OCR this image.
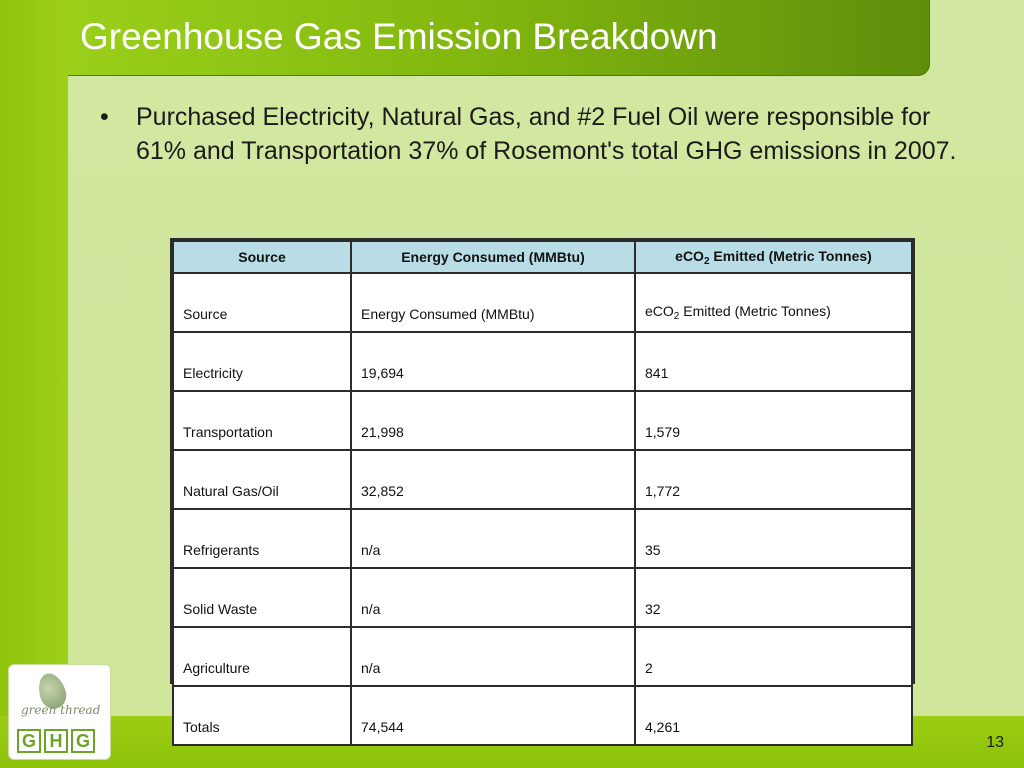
Greenhouse Gas Emission Breakdown
• Purchased Electricity, Natural Gas, and #2 Fuel Oil were responsible for 61% and Transportation 37% of Rosemont's total GHG emissions in 2007.
Source	Energy Consumed (MMBtu)	eCO$_2$ Emitted (Metric Tonnes)
Source	Energy Consumed (MMBtu)	eCO$_2$ Emitted (Metric Tonnes)
Electricity	19,694	841
Transportation	21,998	1,579
Natural Gas/Oil	32,852	1,772
Refrigerants	n/a	35
Solid Waste	n/a	32
Agriculture	n/a	2
Totals	74,544	4,261
green thread
G H G	13
